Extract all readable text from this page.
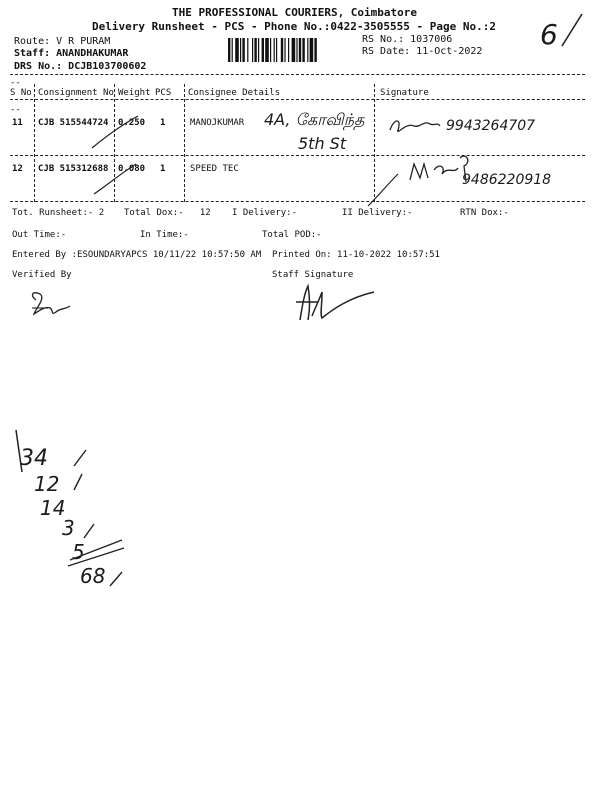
THE PROFESSIONAL COURIERS, Coimbatore
Delivery Runsheet - PCS - Phone No.:0422-3505555 - Page No.:2
Route: V R PURAM
Staff: ANANDHAKUMAR
DRS No.: DCJB103700602
RS No.: 1037006
RS Date: 11-Oct-2022
6
--
S No Consignment No Weight PCS Consignee Details	Signature
--
11 CJB 515544724 0.250 1	MANOJKUMAR 4A, கோவிந்த
5th St
9943264707
12 CJB 515312688 0.080 1	SPEED TEC
9486220918
Tot. Runsheet:- 2 Total Dox:-   12 I Delivery:-	II Delivery:-	RTN Dox:-
Out Time:-	In Time:-	Total POD:-
Entered By :ESOUNDARYAPCS 10/11/22 10:57:50 AM Printed On: 11-10-2022 10:57:51
Verified By	Staff Signature
34
12
14
3
5
68
